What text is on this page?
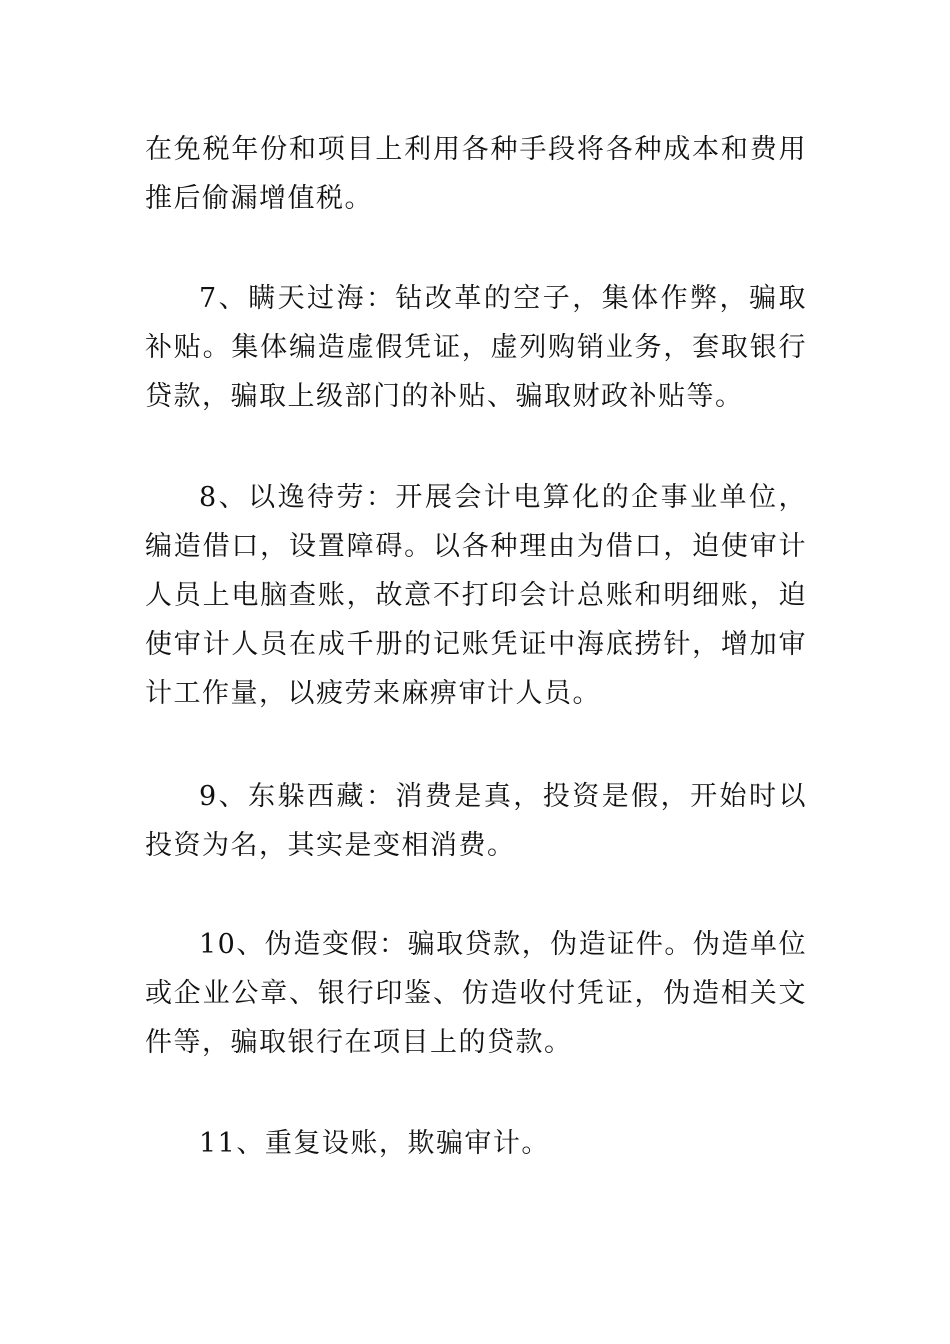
在免税年份和项目上利用各种手段将各种成本和费用推后偷漏增值税。

7、瞒天过海：钻改革的空子，集体作弊，骗取补贴。集体编造虚假凭证，虚列购销业务，套取银行贷款，骗取上级部门的补贴、骗取财政补贴等。

8、以逸待劳：开展会计电算化的企事业单位，编造借口，设置障碍。以各种理由为借口，迫使审计人员上电脑查账，故意不打印会计总账和明细账，迫使审计人员在成千册的记账凭证中海底捞针，增加审计工作量，以疲劳来麻痹审计人员。

9、东躲西藏：消费是真，投资是假，开始时以投资为名，其实是变相消费。

10、伪造变假：骗取贷款，伪造证件。伪造单位或企业公章、银行印鉴、仿造收付凭证，伪造相关文件等，骗取银行在项目上的贷款。

11、重复设账，欺骗审计。
